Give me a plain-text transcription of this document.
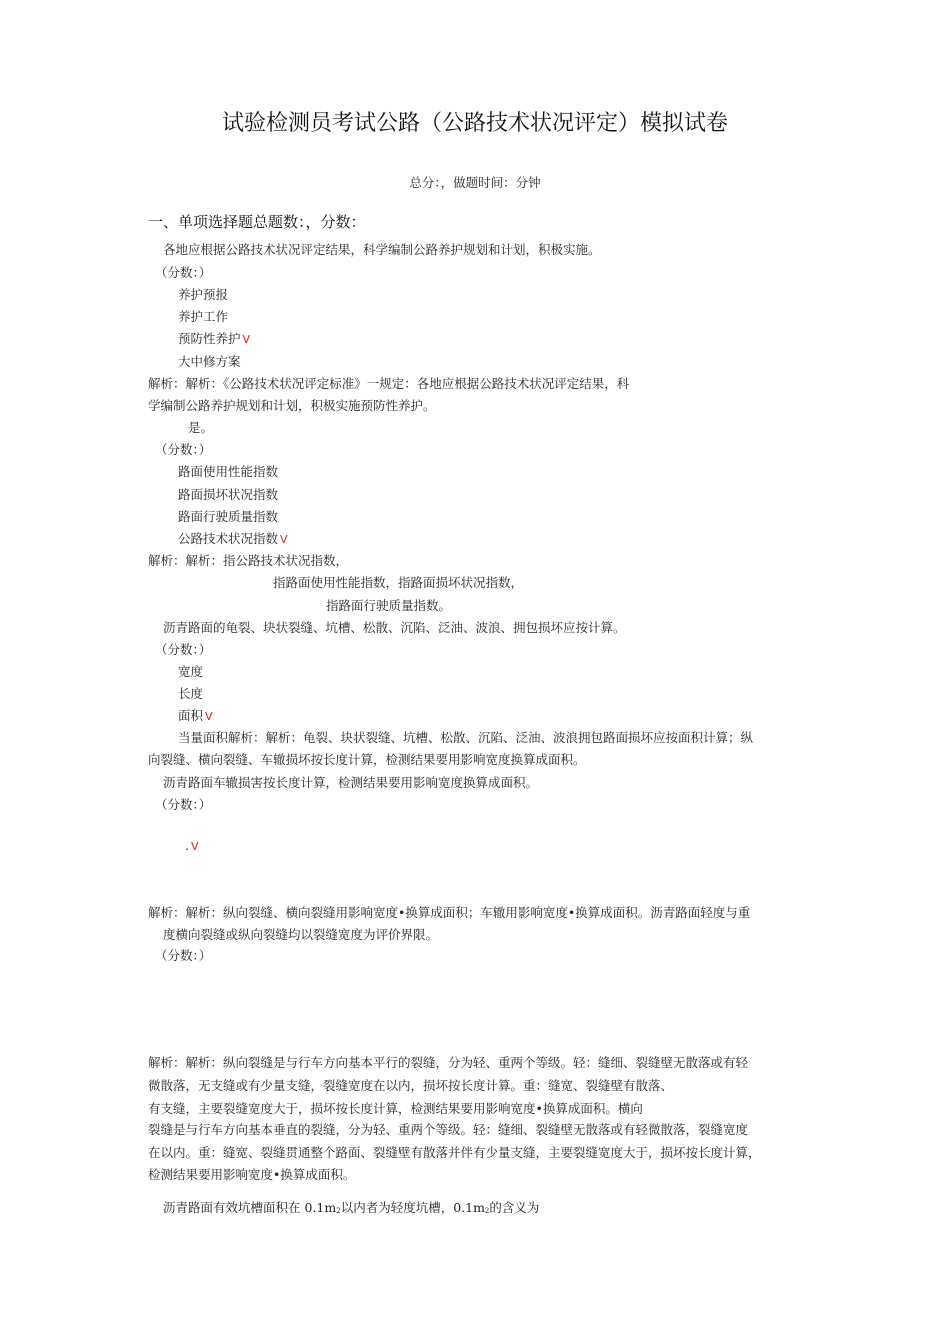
试验检测员考试公路（公路技术状况评定）模拟试卷
总分：，做题时间：分钟
一、单项选择题总题数：，分数：
各地应根据公路技术状况评定结果，科学编制公路养护规划和计划，积极实施。
（分数：）
养护预报
养护工作
预防性养护 V
大中修方案
解析：解析：《公路技术状况评定标准》一规定：各地应根据公路技术状况评定结果，科
学编制公路养护规划和计划，积极实施预防性养护。
是。
（分数：）
路面使用性能指数
路面损坏状况指数
路面行驶质量指数
公路技术状况指数 V
解析：解析：指公路技术状况指数，
指路面使用性能指数，指路面损坏状况指数，
指路面行驶质量指数。
沥青路面的龟裂、块状裂缝、坑槽、松散、沉陷、泛油、波浪、拥包损坏应按计算。
（分数：）
宽度
长度
面积 V
当量面积解析：解析：龟裂、块状裂缝、坑槽、松散、沉陷、泛油、波浪拥包路面损坏应按面积计算；纵
向裂缝、横向裂缝、车辙损坏按长度计算，检测结果要用影响宽度换算成面积。
沥青路面车辙损害按长度计算，检测结果要用影响宽度换算成面积。
（分数：）
. V
解析：解析：纵向裂缝、横向裂缝用影响宽度•换算成面积；车辙用影响宽度•换算成面积。沥青路面轻度与重
度横向裂缝或纵向裂缝均以裂缝宽度为评价界限。
（分数：）
解析：解析：纵向裂缝是与行车方向基本平行的裂缝，分为轻、重两个等级。轻：缝细、裂缝壁无散落或有轻
微散落，无支缝或有少量支缝，裂缝宽度在以内，损坏按长度计算。重：缝宽、裂缝壁有散落、
有支缝，主要裂缝宽度大于，损坏按长度计算，检测结果要用影响宽度•换算成面积。横向
裂缝是与行车方向基本垂直的裂缝，分为轻、重两个等级。轻：缝细、裂缝壁无散落或有轻微散落，裂缝宽度
在以内。重：缝宽、裂缝贯通整个路面、裂缝壁有散落并伴有少量支缝，主要裂缝宽度大于，损坏按长度计算，
检测结果要用影响宽度•换算成面积。
沥青路面有效坑槽面积在 $0.1m_2$以内者为轻度坑槽，$0.1m_2$的含义为
